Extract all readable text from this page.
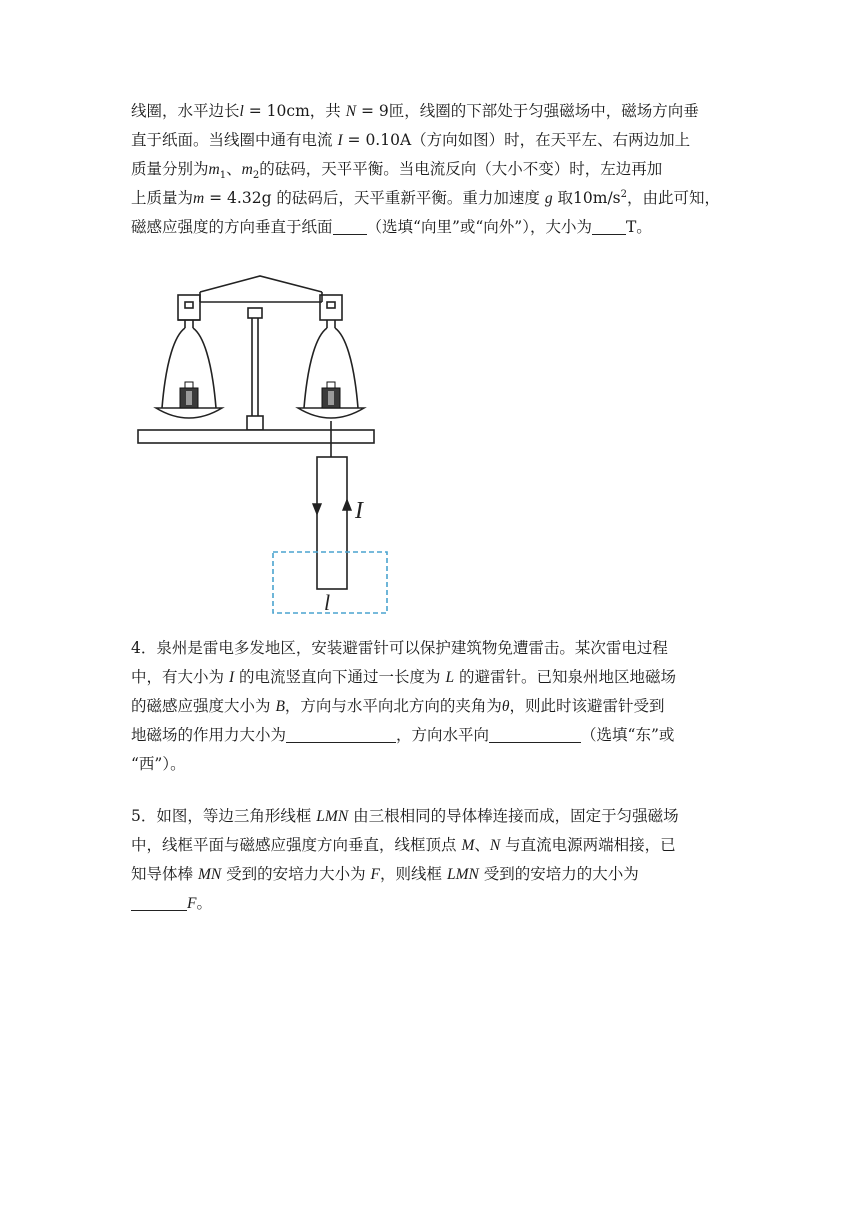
线圈，水平边长l = 10cm，共 N = 9匝，线圈的下部处于匀强磁场中，磁场方向垂
直于纸面。当线圈中通有电流 I = 0.10A（方向如图）时，在天平左、右两边加上
质量分别为$m_1$、$m_2$的砝码，天平平衡。当电流反向（大小不变）时，左边再加
上质量为m = 4.32g 的砝码后，天平重新平衡。重力加速度 g 取$10m/s^2$，由此可知，
磁感应强度的方向垂直于纸面 （选填“向里”或“向外”），大小为 T。
I
l
4．泉州是雷电多发地区，安装避雷针可以保护建筑物免遭雷击。某次雷电过程
中，有大小为 I 的电流竖直向下通过一长度为 L 的避雷针。已知泉州地区地磁场
的磁感应强度大小为 B，方向与水平向北方向的夹角为θ，则此时该避雷针受到
地磁场的作用力大小为	，方向水平向	（选填“东”或
“西”）。
5．如图，等边三角形线框 LMN 由三根相同的导体棒连接而成，固定于匀强磁场
中，线框平面与磁感应强度方向垂直，线框顶点 M、N 与直流电源两端相接，已
知导体棒 MN 受到的安培力大小为 F，则线框 LMN 受到的安培力的大小为
F。
